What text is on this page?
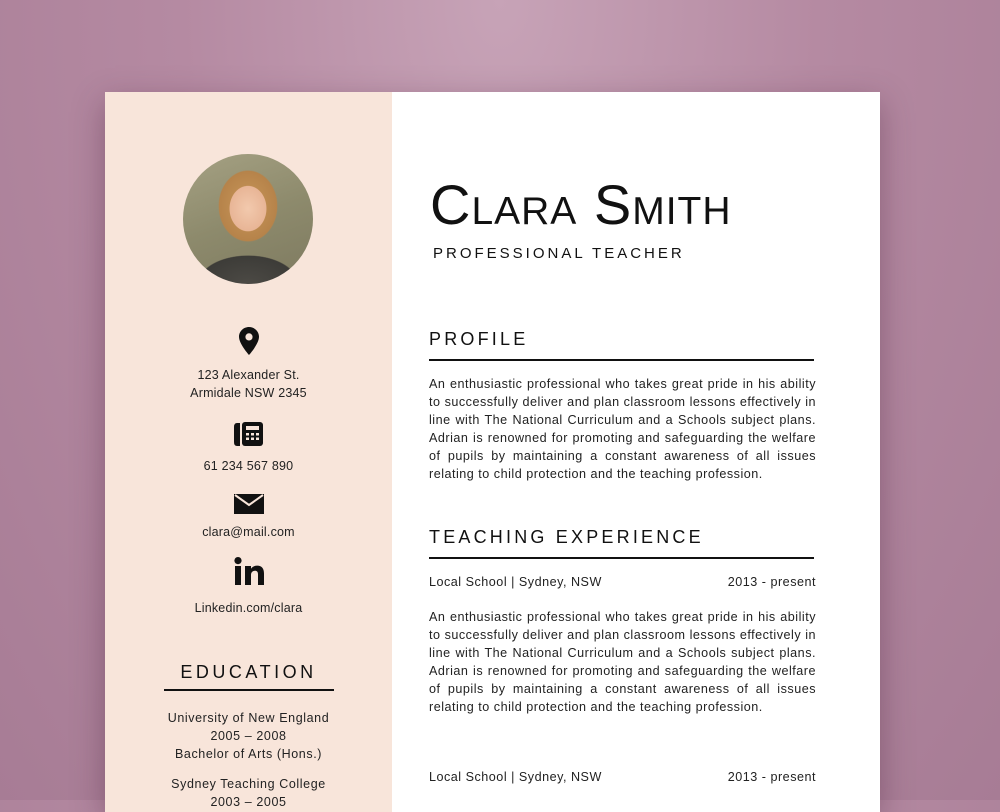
123 Alexander St.
Armidale NSW 2345
61 234 567 890
clara@mail.com
Linkedin.com/clara
EDUCATION
University of New England
2005 – 2008
Bachelor of Arts (Hons.)
Sydney Teaching College
2003 – 2005
Clara Smith
PROFESSIONAL TEACHER
PROFILE
An enthusiastic professional who takes great pride in his ability to successfully deliver and plan classroom lessons effectively in line with The National Curriculum and a Schools subject plans. Adrian is renowned for promoting and safeguarding the welfare of pupils by maintaining a constant awareness of all issues relating to child protection and the teaching profession.
TEACHING EXPERIENCE
Local School | Sydney, NSW	2013 - present
An enthusiastic professional who takes great pride in his ability to successfully deliver and plan classroom lessons effectively in line with The National Curriculum and a Schools subject plans. Adrian is renowned for promoting and safeguarding the welfare of pupils by maintaining a constant awareness of all issues relating to child protection and the teaching profession.
Local School | Sydney, NSW	2013 - present
